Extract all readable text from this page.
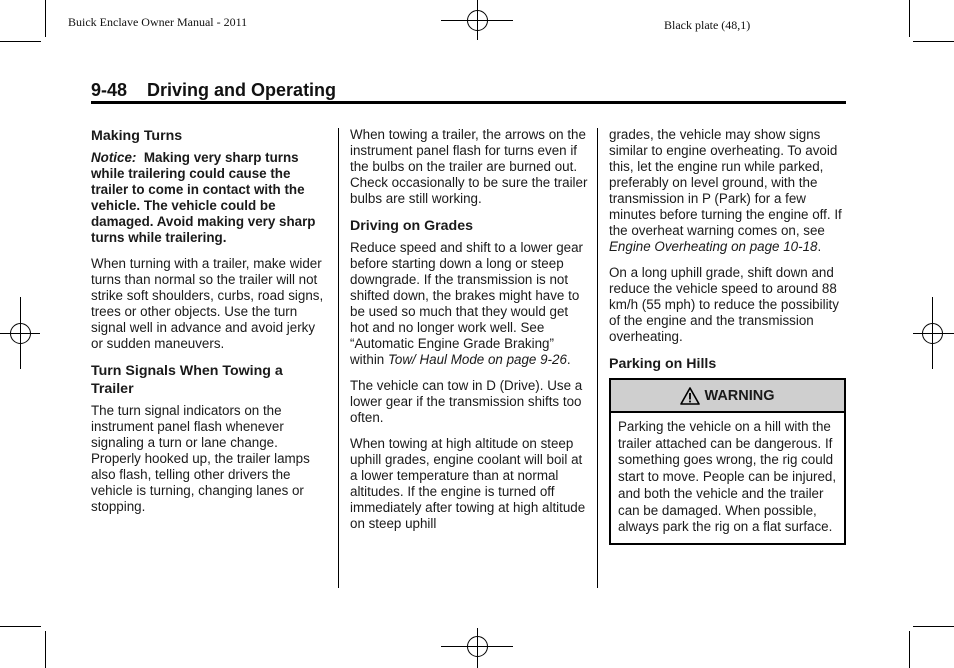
Buick Enclave Owner Manual - 2011	Black plate (48,1)
9-48 Driving and Operating
Making Turns

Notice: Making very sharp turns while trailering could cause the trailer to come in contact with the vehicle. The vehicle could be damaged. Avoid making very sharp turns while trailering.

When turning with a trailer, make wider turns than normal so the trailer will not strike soft shoulders, curbs, road signs, trees or other objects. Use the turn signal well in advance and avoid jerky or sudden maneuvers.

Turn Signals When Towing a Trailer

The turn signal indicators on the instrument panel flash whenever signaling a turn or lane change. Properly hooked up, the trailer lamps also flash, telling other drivers the vehicle is turning, changing lanes or stopping.

When towing a trailer, the arrows on the instrument panel flash for turns even if the bulbs on the trailer are burned out. Check occasionally to be sure the trailer bulbs are still working.

Driving on Grades

Reduce speed and shift to a lower gear before starting down a long or steep downgrade. If the transmission is not shifted down, the brakes might have to be used so much that they would get hot and no longer work well. See “Automatic Engine Grade Braking” within Tow/ Haul Mode on page 9-26.

The vehicle can tow in D (Drive). Use a lower gear if the transmission shifts too often.

When towing at high altitude on steep uphill grades, engine coolant will boil at a lower temperature than at normal altitudes. If the engine is turned off immediately after towing at high altitude on steep uphill

grades, the vehicle may show signs similar to engine overheating. To avoid this, let the engine run while parked, preferably on level ground, with the transmission in P (Park) for a few minutes before turning the engine off. If the overheat warning comes on, see Engine Overheating on page 10-18.

On a long uphill grade, shift down and reduce the vehicle speed to around 88 km/h (55 mph) to reduce the possibility of the engine and the transmission overheating.

Parking on Hills
WARNING
Parking the vehicle on a hill with the trailer attached can be dangerous. If something goes wrong, the rig could start to move. People can be injured, and both the vehicle and the trailer can be damaged. When possible, always park the rig on a flat surface.
